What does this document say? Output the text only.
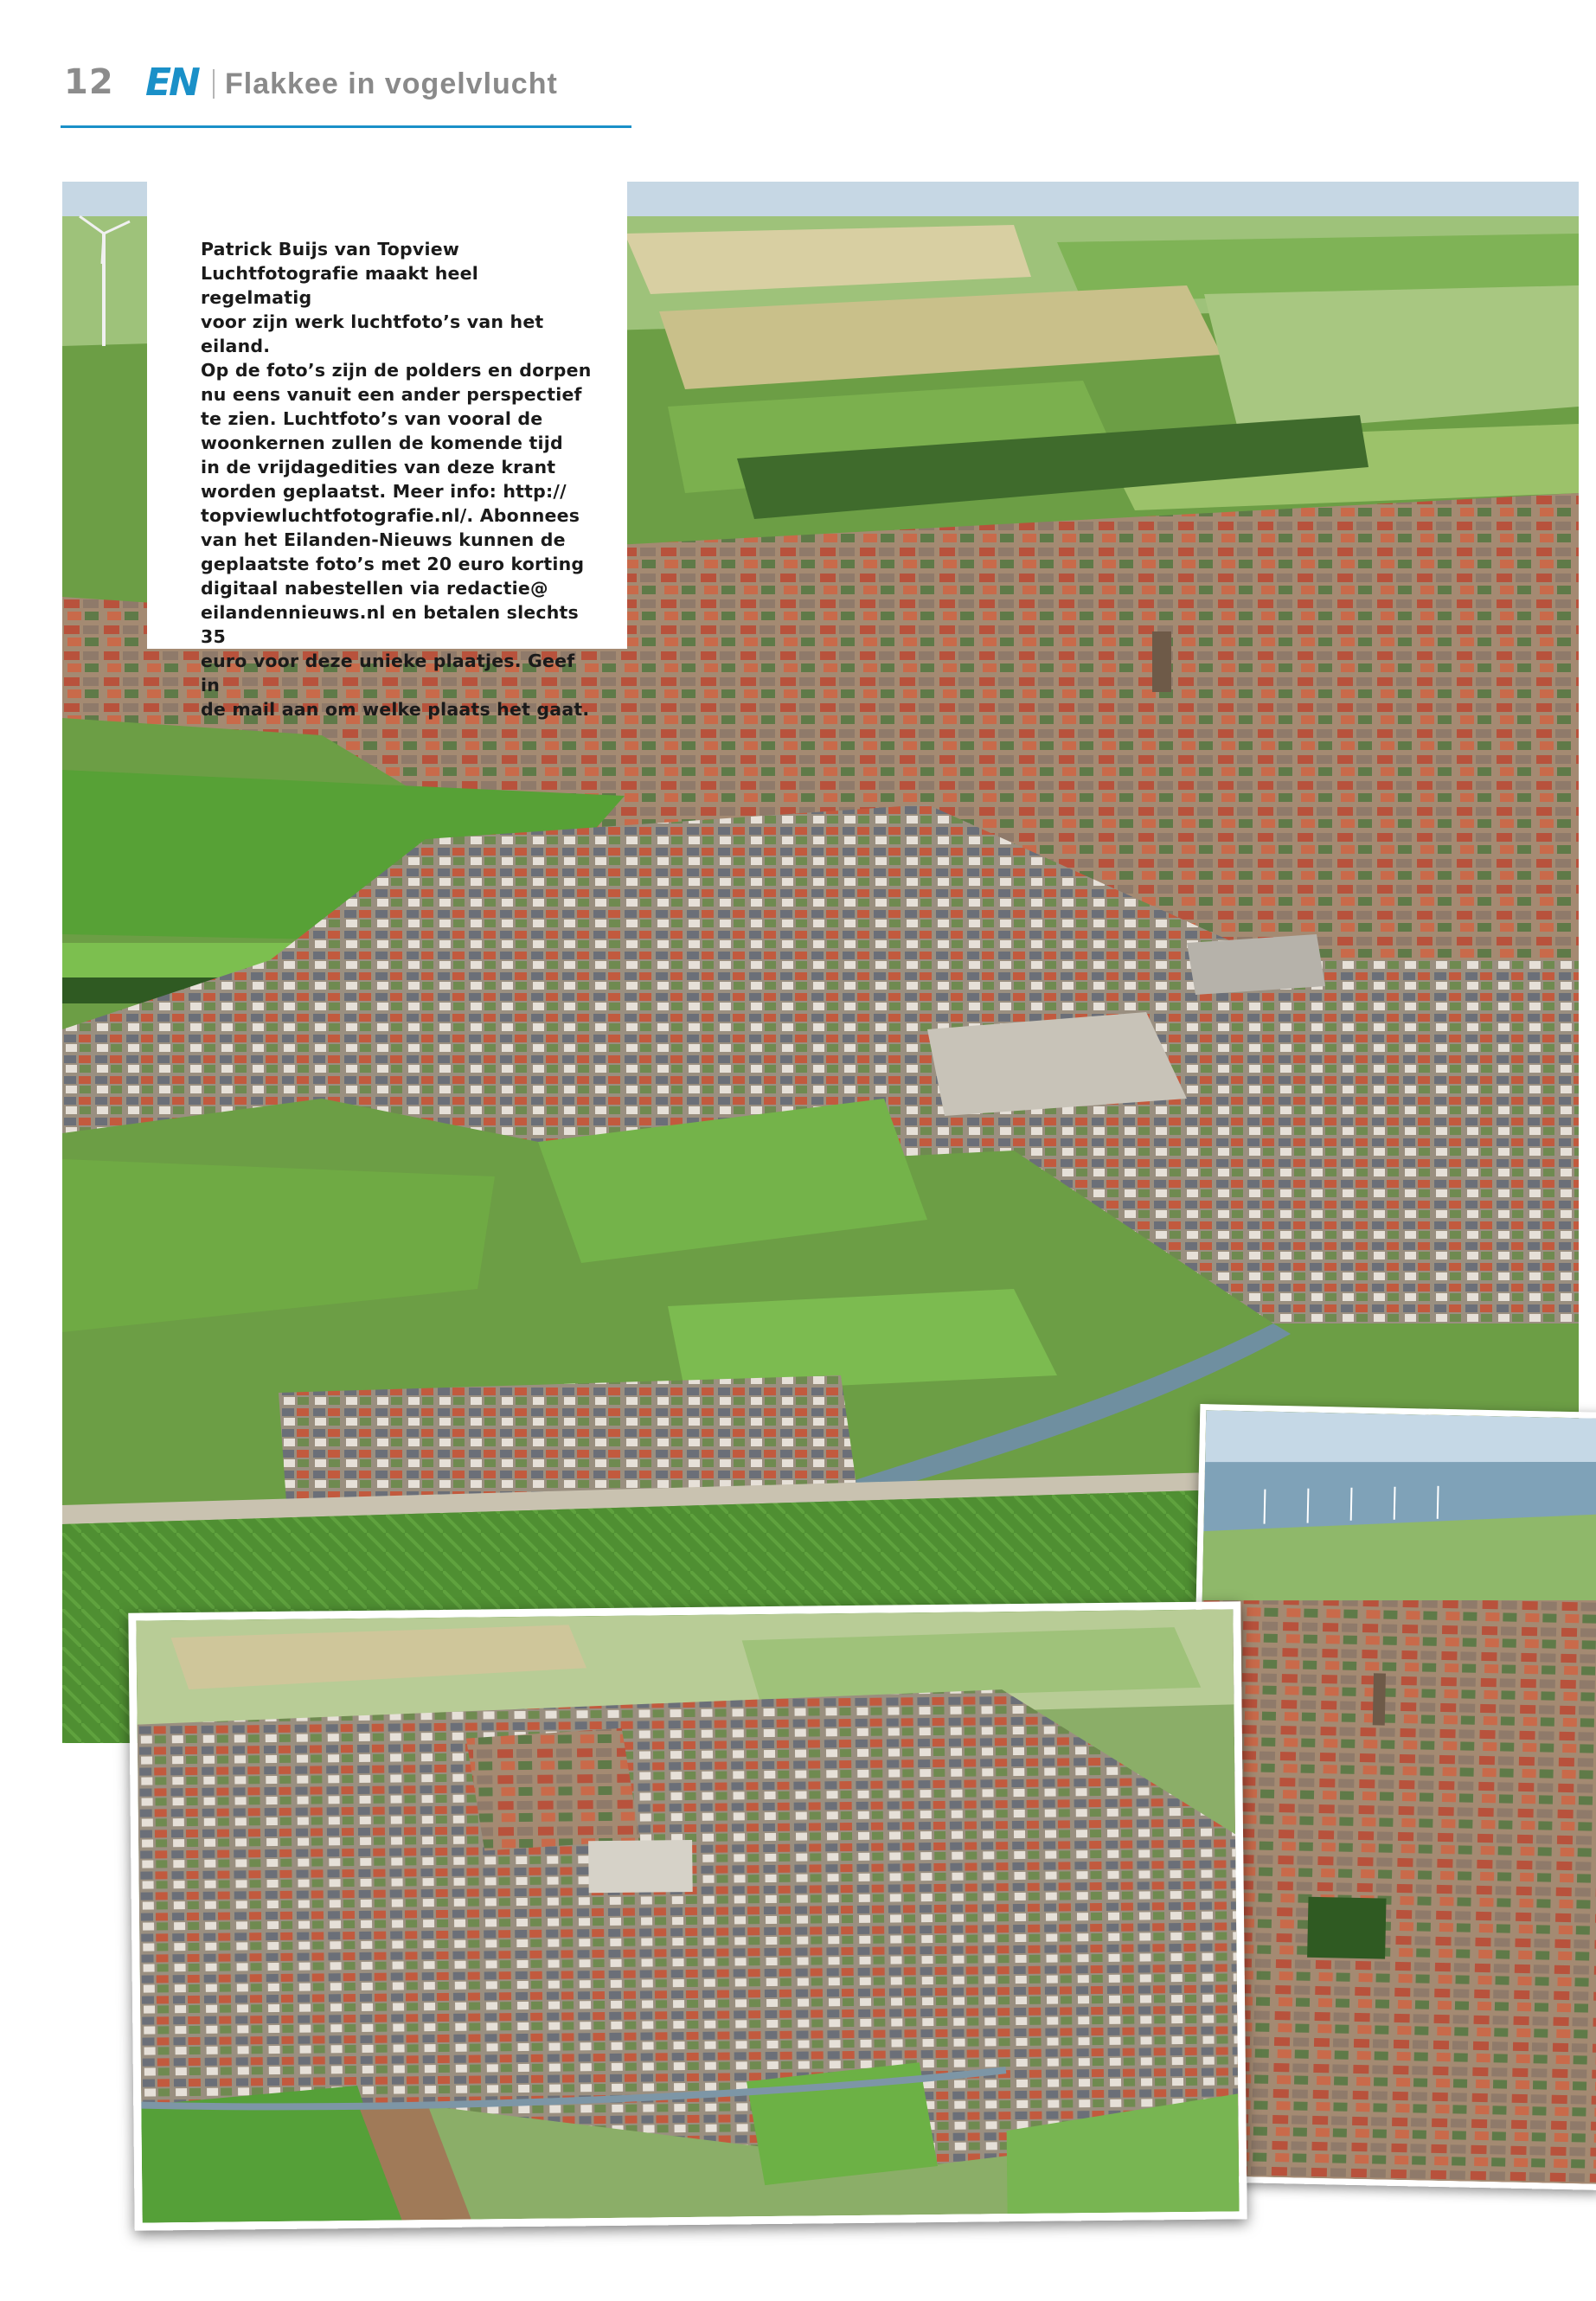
12 EN Flakkee in vogelvlucht

Patrick Buijs van Topview

Luchtfotografie maakt heel regelmatig

voor zijn werk luchtfoto’s van het eiland.

Op de foto’s zijn de polders en dorpen

nu eens vanuit een ander perspectief

te zien. Luchtfoto’s van vooral de

woonkernen zullen de komende tijd

in de vrijdagedities van deze krant

worden geplaatst. Meer info: http://

topviewluchtfotografie.nl/. Abonnees

van het Eilanden-Nieuws kunnen de

geplaatste foto’s met 20 euro korting

digitaal nabestellen via redactie@

eilandennieuws.nl en betalen slechts 35

euro voor deze unieke plaatjes. Geef in

de mail aan om welke plaats het gaat.
